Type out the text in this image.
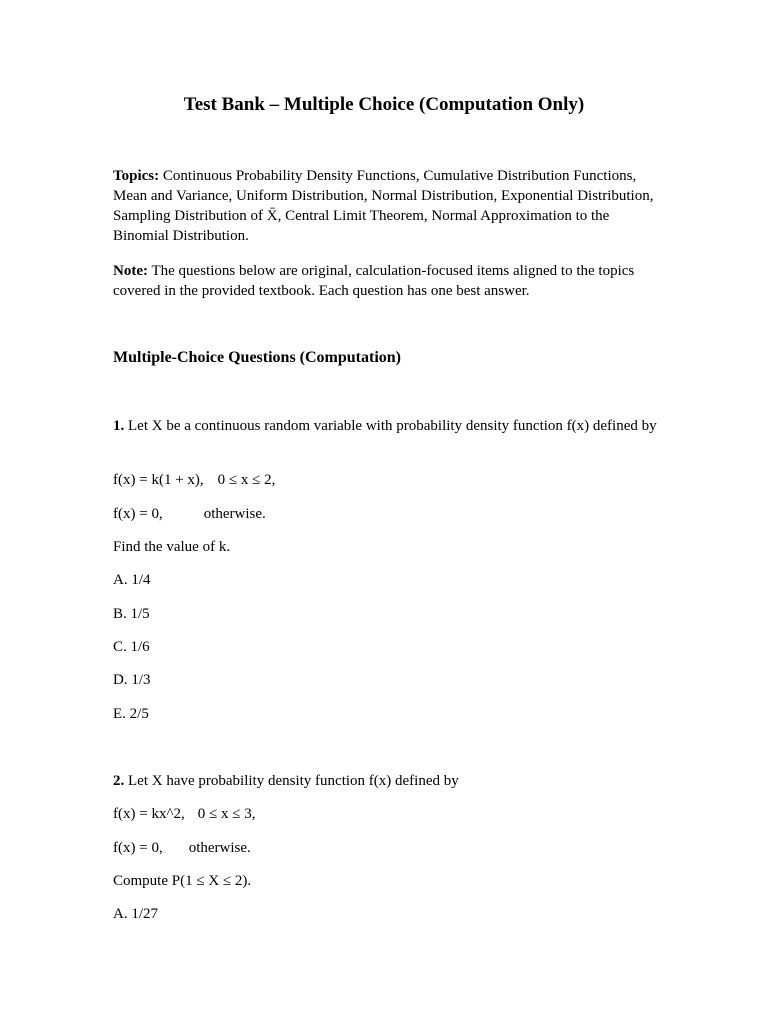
Test Bank – Multiple Choice (Computation Only)

Topics: Continuous Probability Density Functions, Cumulative Distribution Functions, Mean and Variance, Uniform Distribution, Normal Distribution, Exponential Distribution, Sampling Distribution of X̄, Central Limit Theorem, Normal Approximation to the Binomial Distribution.

Note: The questions below are original, calculation-focused items aligned to the topics covered in the provided textbook. Each question has one best answer.

Multiple-Choice Questions (Computation)

1. Let X be a continuous random variable with probability density function f(x) defined by

f(x) = k(1 + x), 0 ≤ x ≤ 2,

f(x) = 0,	otherwise.

Find the value of k.

A. 1/4

B. 1/5

C. 1/6

D. 1/3

E. 2/5

2. Let X have probability density function f(x) defined by

f(x) = kx^2, 0 ≤ x ≤ 3,

f(x) = 0, otherwise.

Compute P(1 ≤ X ≤ 2).

A. 1/27
